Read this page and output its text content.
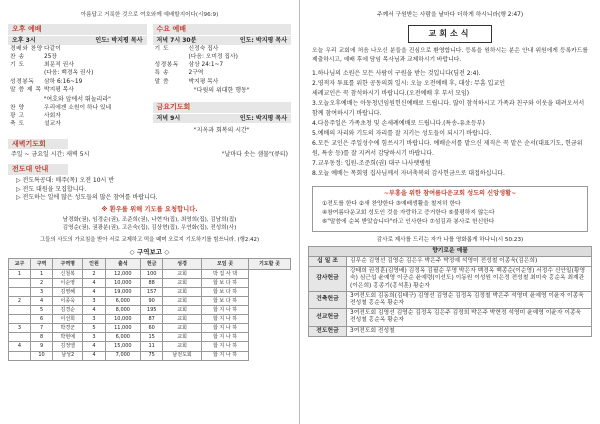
아름답고 거룩한 것으로 여호와께 예배할지어다(시96:9)
오후 예배
오후 3시	인도: 박지평 목사
경배와 찬양 다같이
찬 송	25장
기 도	최문직 권사
(다음: 백경옥 권사)
성경봉독	삼하 6:16~19
말 씀 제 목 박지평 목사
"여호와 앞에서 뛰놀리라"
찬 양	우리에겐 소원이 하나 있네
광 고	사회자
축 도	설교자
수요 예배
저녁 7시 30분	인도: 박지평 목사
기 도	신정숙 집사
(다음: 오미정 집사)
성경봉독	삼상 24:1~7
특 송	2구역
말 씀	박지평 목사
"다윗의 위대한 행동"
금요기도회
저녁 9시	인도: 박지평 목사
"지옥과 회복의 시간"
새벽기도회
주일 ~ 금요일 시간: 새벽 5시	"날마다 솟는 샘물"(큐티)
전도대 안내
▷ 전도특공대: 매주(목) 오전 10시 반
▷ 전도 대원을 모집합니다.
▷ 전도하는 일에 많은 성도들의 많은 참여를 바랍니다.
※ 환우를 위해 기도를 요청합니다.
남경화(권), 임경순(권), 조준희(권), 나현자(집), 최영희(집), 김남희(집)
김영순(권), 권광분(권), 고은숙(집), 김상현(집), 우연화(집), 전성희(사)
그들의 사도의 가르침을 받아 서로 교제하고 떡을 떼며 오로지 기도하기를 힘쓰니라. (행2:42)
◇ 구역보고 ◇
교구	구역	구역명	인원	출석	헌금	성경	모임 곳	기도할 곳
1	1	신철복	2	12,000	100	교회	박 집 사 댁	
	2	이순영	4	10,000	88	교회	합 보 다 하	
	3	김영혜	4	19,000	157	교회	합 보 다 하	
2	4	이종욱	3	6,000	90	교회	합 보 다 하	
	5	김경순	4	8,000	195	교회	합 지 나 하	
	6	이선희	3	10,000	87	교회	합 지 나 하	
3	7	박경군	5	11,000	60	교회	합 지 나 하	
	8	박현예	3	6,000	15	교회	합 지 나 하	
4	9	김정엘	4	15,000	11	교회	합 지 나 하	
	10	남성2	4	7,000	75	남전도회	합 지 나 하	
주께서 구원받는 사람을 날마다 더하게 하시니라(행 2:47)
교회소식
오늘 우리 교회에 처음 나오신 분들을 진심으로 환영합니다. 등록을 원하시는 분은 안내 위원에게 등록카드를 제출하시고, 예배 후에 담임 목사님과 교제하시기 바랍니다.
1.하나님의 소원은 모든 사람이 구원을 받는 것입니다(딤전 2:4).
2.영적자 투표를 위한 공동의회 일시: 오늘 오전예배 후, 대상: 무흠 입교인
세례교인은 꼭 참석하시기 바랍니다.(오전예배 후 부서 모임)
3.오늘오후예배는 아동청년임원헌신예배로 드립니다. 많이 참석하시고 가족과 친구와 이웃을 데려오셔서 함께 참여하시기 바랍니다.
4.다음주일은 가족초청 및 손세례예배로 드립니다.(특송-유초등부)
5.예배의 자리와 기도의 자리를 잘 지키는 성도들이 되시기 바랍니다.
6.모든 교인은 주일성수에 힘쓰시기 바랍니다. 예배순서를 맡으신 제직은 꼭 맡은 순서(대표기도, 헌금위원, 특송 등)를 잘 지켜서 감당하시기 바랍니다.
7.교우동정: 입원-조준희(권) 대구 나사랫병원
8.오늘 예배는 목회영 집사님께서 자녀축복의 감사헌금으로 대접하십니다.
~부흥을 위한 참여름다운교회 성도의 신앙생활~
①전도를 한다 ②새 찬양한다 ③예배생활을 철저히 한다
④참여름다운교회 성도인 것을 자랑하고 증거한다 ⑤불평하지 않는다
⑥"말씀에 순복 받았습니다"라고 인사한다 ⑦섬김과 봉사로 헌신한다
감사로 제사를 드리는 자가 나를 영화롭게 하나니(시 50:23)
향기로운 예물	
십 일 조	김무순 김영선 김영순 김은우 박은주 박정예 석영미 전성철 이종욱(김은희)
감사헌금	강태희 권정훈(김영배) 김정옥 김필순 무명 박은자 백경옥 백종순(이순영) 서정수 신안일(황영숙) 심근섭 윤예영 이군순 윤예령(이선도) 이동원 이성원 이은정 전성철 최미숙 홍순옥 최재관(이은희) 홍종기(홍석훈) 황순자
건축헌금	3여전도회 김동희(김태구) 김영선 김영순 김정옥 김정철 박은주 석영미 윤예영 이윤자 이종욱 전성철 홍순옥 황순자
선교헌금	3여전도회 김영선 김영순 김정옥 김은주 김정희 박은주 박현정 석영미 윤예영 이윤자 이종욱 전성철 홍순옥 황순자
전도헌금	3여전도회 전성철
